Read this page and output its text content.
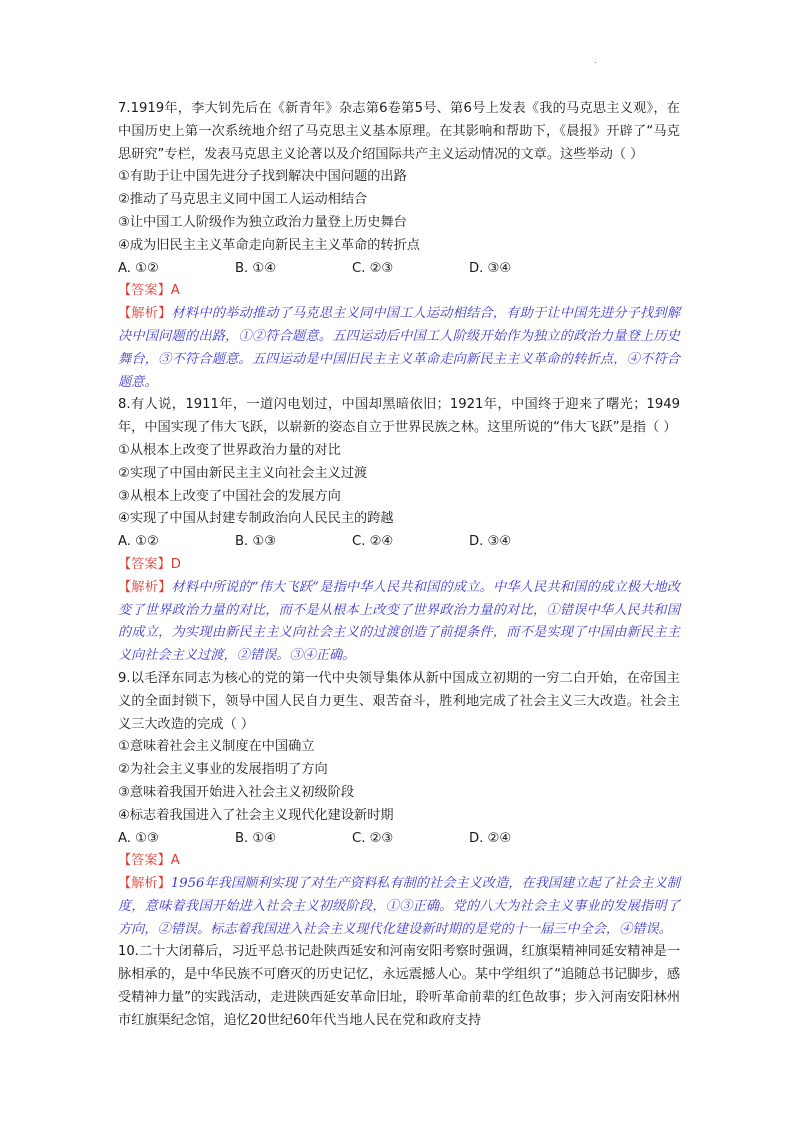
.

7.1919年，李大钊先后在《新青年》杂志第6卷第5号、第6号上发表《我的马克思主义观》，在中国历史上第一次系统地介绍了马克思主义基本原理。在其影响和帮助下，《晨报》开辟了“马克思研究”专栏，发表马克思主义论著以及介绍国际共产主义运动情况的文章。这些举动（ ）

①有助于让中国先进分子找到解决中国问题的出路

②推动了马克思主义同中国工人运动相结合

③让中国工人阶级作为独立政治力量登上历史舞台

④成为旧民主主义革命走向新民主主义革命的转折点

A. ①②	B. ①④	C. ②③	D. ③④

【答案】A

【解析】材料中的举动推动了马克思主义同中国工人运动相结合，有助于让中国先进分子找到解决中国问题的出路，①②符合题意。五四运动后中国工人阶级开始作为独立的政治力量登上历史舞台，③不符合题意。五四运动是中国旧民主主义革命走向新民主主义革命的转折点，④不符合题意。

8.有人说，1911年，一道闪电划过，中国却黑暗依旧；1921年，中国终于迎来了曙光；1949年，中国实现了伟大飞跃，以崭新的姿态自立于世界民族之林。这里所说的“伟大飞跃”是指（ ）

①从根本上改变了世界政治力量的对比

②实现了中国由新民主主义向社会主义过渡

③从根本上改变了中国社会的发展方向

④实现了中国从封建专制政治向人民民主的跨越

A. ①②	B. ①③	C. ②④	D. ③④

【答案】D

【解析】材料中所说的“伟大飞跃”是指中华人民共和国的成立。中华人民共和国的成立极大地改变了世界政治力量的对比，而不是从根本上改变了世界政治力量的对比，①错误中华人民共和国的成立，为实现由新民主主义向社会主义的过渡创造了前提条件，而不是实现了中国由新民主主义向社会主义过渡，②错误。③④正确。

9.以毛泽东同志为核心的党的第一代中央领导集体从新中国成立初期的一穷二白开始，在帝国主义的全面封锁下，领导中国人民自力更生、艰苦奋斗，胜利地完成了社会主义三大改造。社会主义三大改造的完成（ ）

①意味着社会主义制度在中国确立

②为社会主义事业的发展指明了方向

③意味着我国开始进入社会主义初级阶段

④标志着我国进入了社会主义现代化建设新时期

A. ①③	B. ①④	C. ②③	D. ②④

【答案】A

【解析】1956年我国顺利实现了对生产资料私有制的社会主义改造，在我国建立起了社会主义制度，意味着我国开始进入社会主义初级阶段，①③正确。党的八大为社会主义事业的发展指明了方向，②错误。标志着我国进入社会主义现代化建设新时期的是党的十一届三中全会，④错误。

10.二十大闭幕后，习近平总书记赴陕西延安和河南安阳考察时强调，红旗渠精神同延安精神是一脉相承的，是中华民族不可磨灭的历史记忆，永远震撼人心。某中学组织了“追随总书记脚步，感受精神力量”的实践活动，走进陕西延安革命旧址，聆听革命前辈的红色故事；步入河南安阳林州市红旗渠纪念馆，追忆20世纪60年代当地人民在党和政府支持
